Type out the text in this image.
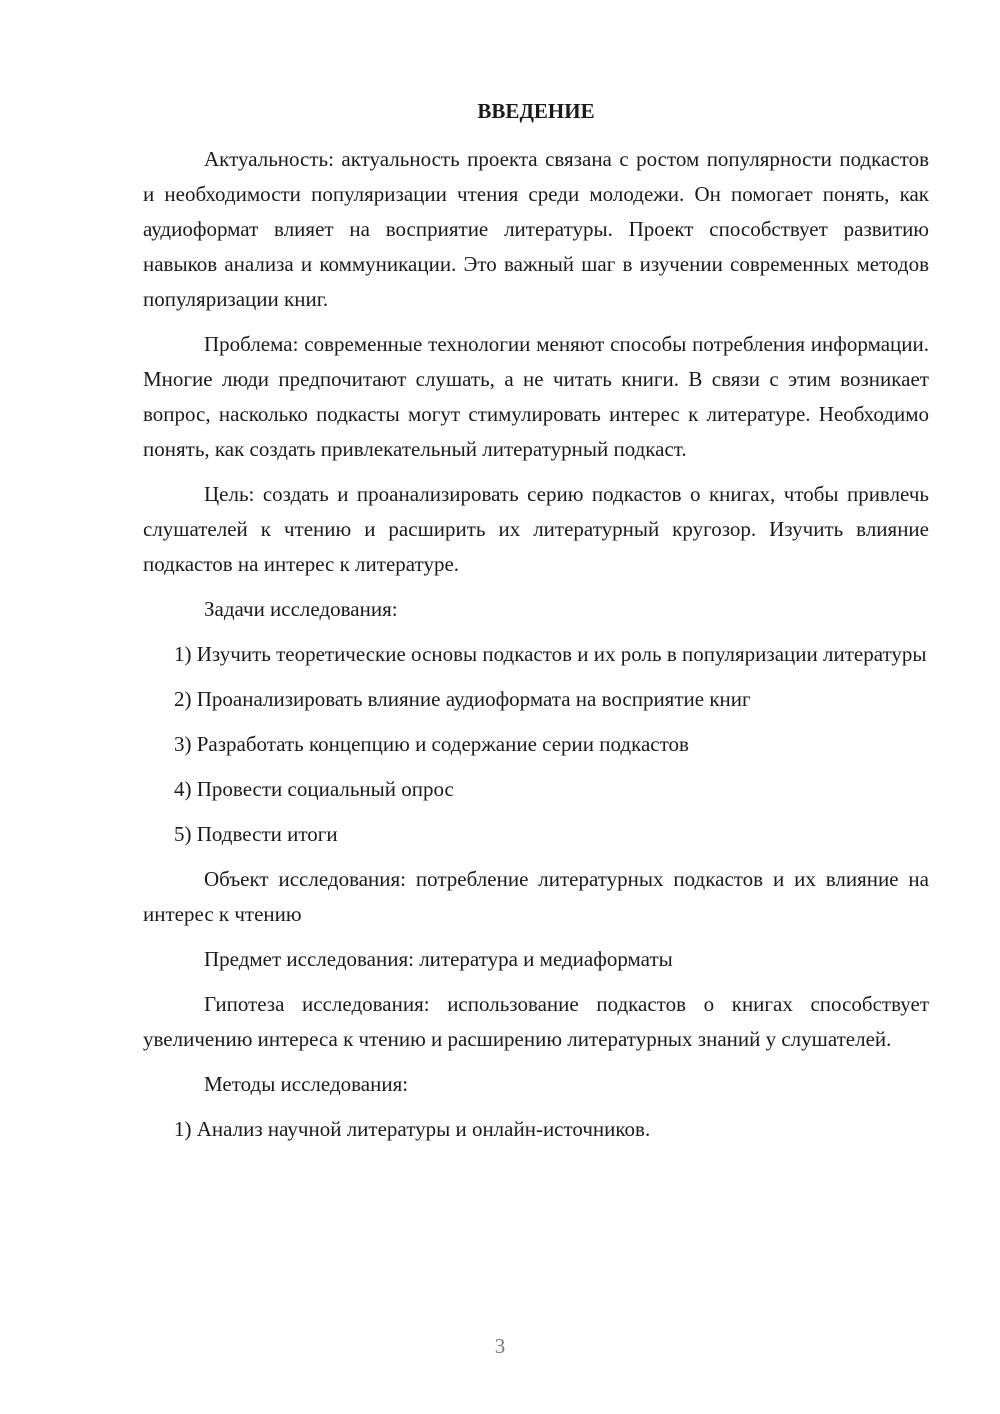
ВВЕДЕНИЕ

Актуальность: актуальность проекта связана с ростом популярности подкастов и необходимости популяризации чтения среди молодежи. Он помогает понять, как аудиоформат влияет на восприятие литературы. Проект способствует развитию навыков анализа и коммуникации. Это важный шаг в изучении современных методов популяризации книг.

Проблема: современные технологии меняют способы потребления информации. Многие люди предпочитают слушать, а не читать книги. В связи с этим возникает вопрос, насколько подкасты могут стимулировать интерес к литературе. Необходимо понять, как создать привлекательный литературный подкаст.

Цель: создать и проанализировать серию подкастов о книгах, чтобы привлечь слушателей к чтению и расширить их литературный кругозор. Изучить влияние подкастов на интерес к литературе.

Задачи исследования:

1) Изучить теоретические основы подкастов и их роль в популяризации литературы

2) Проанализировать влияние аудиоформата на восприятие книг

3) Разработать концепцию и содержание серии подкастов

4) Провести социальный опрос

5) Подвести итоги

Объект исследования: потребление литературных подкастов и их влияние на интерес к чтению

Предмет исследования: литература и медиаформаты

Гипотеза исследования: использование подкастов о книгах способствует увеличению интереса к чтению и расширению литературных знаний у слушателей.

Методы исследования:

1) Анализ научной литературы и онлайн-источников.

3
